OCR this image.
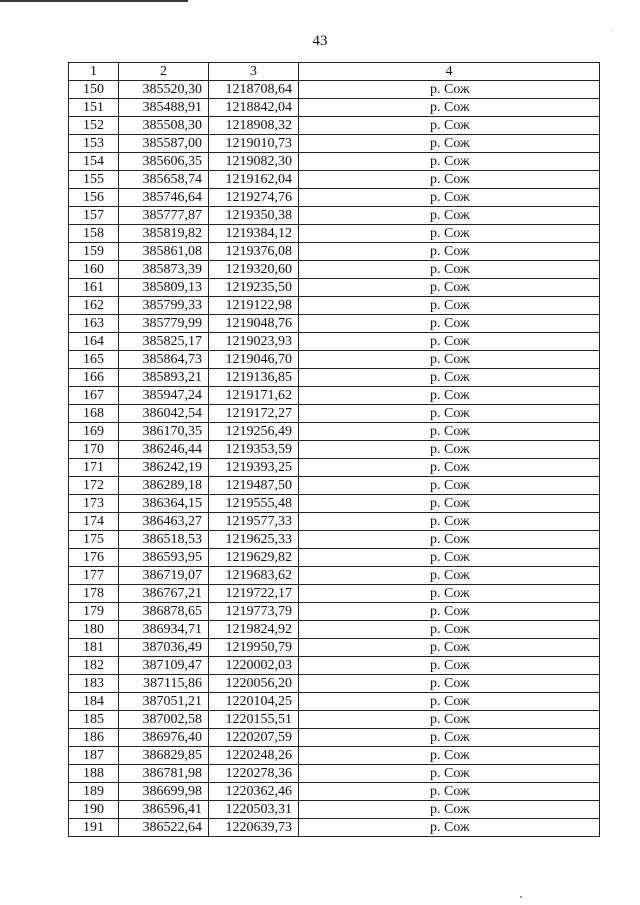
43
1	2	3	4
150	385520,30	1218708,64	р. Сож
151	385488,91	1218842,04	р. Сож
152	385508,30	1218908,32	р. Сож
153	385587,00	1219010,73	р. Сож
154	385606,35	1219082,30	р. Сож
155	385658,74	1219162,04	р. Сож
156	385746,64	1219274,76	р. Сож
157	385777,87	1219350,38	р. Сож
158	385819,82	1219384,12	р. Сож
159	385861,08	1219376,08	р. Сож
160	385873,39	1219320,60	р. Сож
161	385809,13	1219235,50	р. Сож
162	385799,33	1219122,98	р. Сож
163	385779,99	1219048,76	р. Сож
164	385825,17	1219023,93	р. Сож
165	385864,73	1219046,70	р. Сож
166	385893,21	1219136,85	р. Сож
167	385947,24	1219171,62	р. Сож
168	386042,54	1219172,27	р. Сож
169	386170,35	1219256,49	р. Сож
170	386246,44	1219353,59	р. Сож
171	386242,19	1219393,25	р. Сож
172	386289,18	1219487,50	р. Сож
173	386364,15	1219555,48	р. Сож
174	386463,27	1219577,33	р. Сож
175	386518,53	1219625,33	р. Сож
176	386593,95	1219629,82	р. Сож
177	386719,07	1219683,62	р. Сож
178	386767,21	1219722,17	р. Сож
179	386878,65	1219773,79	р. Сож
180	386934,71	1219824,92	р. Сож
181	387036,49	1219950,79	р. Сож
182	387109,47	1220002,03	р. Сож
183	387115,86	1220056,20	р. Сож
184	387051,21	1220104,25	р. Сож
185	387002,58	1220155,51	р. Сож
186	386976,40	1220207,59	р. Сож
187	386829,85	1220248,26	р. Сож
188	386781,98	1220278,36	р. Сож
189	386699,98	1220362,46	р. Сож
190	386596,41	1220503,31	р. Сож
191	386522,64	1220639,73	р. Сож
